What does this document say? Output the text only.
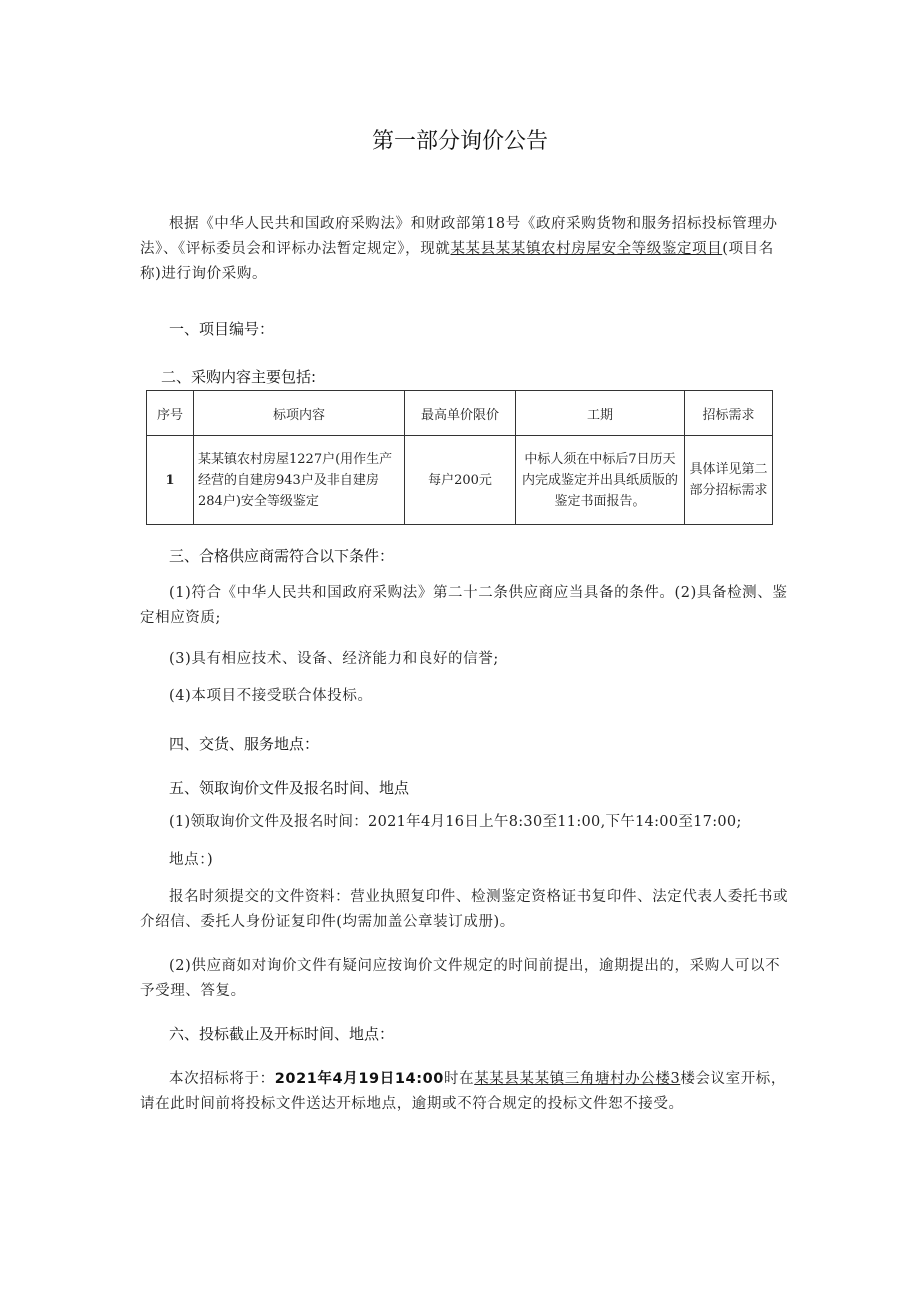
第一部分询价公告
根据《中华人民共和国政府采购法》和财政部第18号《政府采购货物和服务招标投标管理办法》、《评标委员会和评标办法暂定规定》，现就某某县某某镇农村房屋安全等级鉴定项目(项目名称)进行询价采购。
一、项目编号：
二、采购内容主要包括:
序号	标项内容	最高单价限价	工期	招标需求
1	某某镇农村房屋1227户(用作生产经营的自建房943户及非自建房284户)安全等级鉴定	每户200元	中标人须在中标后7日历天内完成鉴定并出具纸质版的鉴定书面报告。	具体详见第二部分招标需求
三、合格供应商需符合以下条件：
(1)符合《中华人民共和国政府采购法》第二十二条供应商应当具备的条件。(2)具备检测、鉴定相应资质;
(3)具有相应技术、设备、经济能力和良好的信誉;
(4)本项目不接受联合体投标。
四、交货、服务地点：
五、领取询价文件及报名时间、地点
(1)领取询价文件及报名时间：2021年4月16日上午8:30至11:00,下午14:00至17:00;
地点：)
报名时须提交的文件资料：营业执照复印件、检测鉴定资格证书复印件、法定代表人委托书或介绍信、委托人身份证复印件(均需加盖公章装订成册)。
(2)供应商如对询价文件有疑问应按询价文件规定的时间前提出，逾期提出的，采购人可以不予受理、答复。
六、投标截止及开标时间、地点：
本次招标将于：2021年4月19日14:00时在某某县某某镇三角塘村办公楼3楼会议室开标，请在此时间前将投标文件送达开标地点，逾期或不符合规定的投标文件恕不接受。
